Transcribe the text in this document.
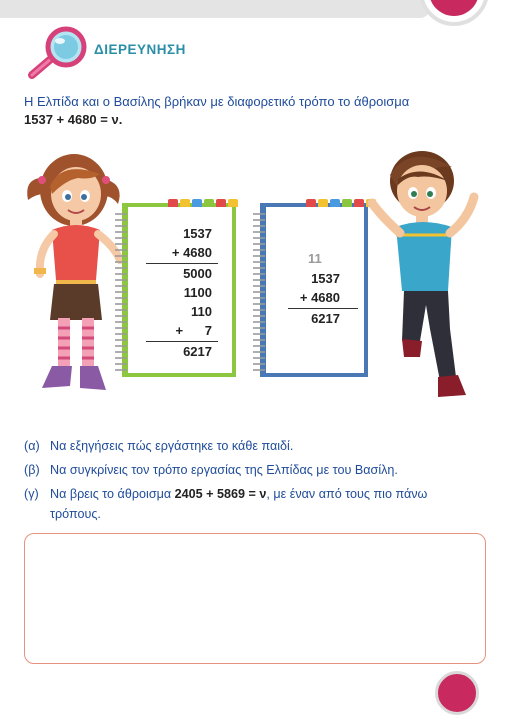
ΔΙΕΡΕΥΝΗΣΗ
Η Ελπίδα και ο Βασίλης βρήκαν με διαφορετικό τρόπο το άθροισμα
1537 + 4680 = ν.
1537
+ 4680
5000
1100
110
+      7
6217
11
1537
+ 4680
6217
(α) Να εξηγήσεις πώς εργάστηκε το κάθε παιδί.
(β) Να συγκρίνεις τον τρόπο εργασίας της Ελπίδας με του Βασίλη.
(γ) Να βρεις το άθροισμα 2405 + 5869 = ν, με έναν από τους πιο πάνω
τρόπους.
